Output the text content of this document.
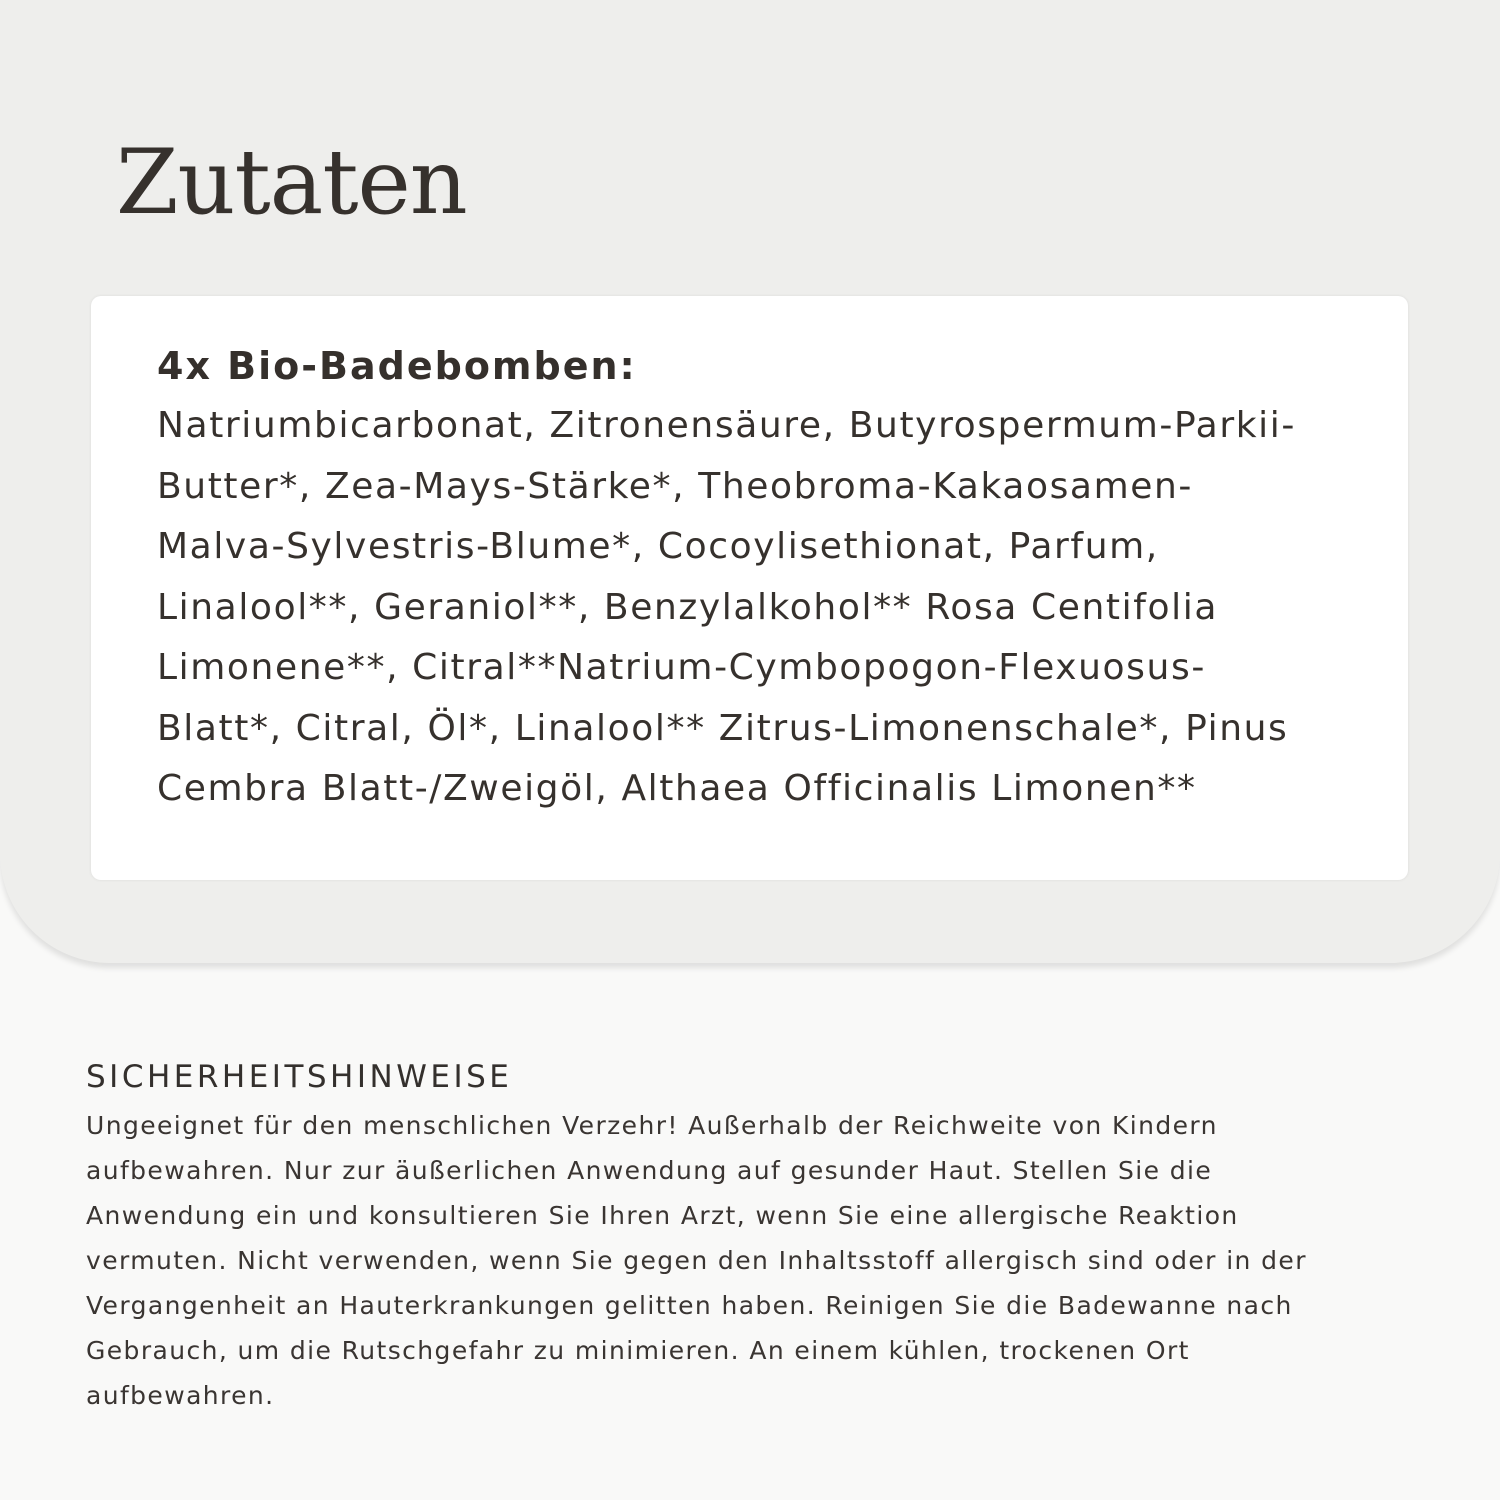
Zutaten
4x Bio-Badebomben:
Natriumbicarbonat, Zitronensäure, Butyrospermum-Parkii-
Butter*, Zea-Mays-Stärke*, Theobroma-Kakaosamen-
Malva-Sylvestris-Blume*, Cocoylisethionat, Parfum,
Linalool**, Geraniol**, Benzylalkohol** Rosa Centifolia
Limonene**, Citral**Natrium-Cymbopogon-Flexuosus-
Blatt*, Citral, Öl*, Linalool** Zitrus-Limonenschale*, Pinus
Cembra Blatt-/Zweigöl, Althaea Officinalis Limonen**
SICHERHEITSHINWEISE
Ungeeignet für den menschlichen Verzehr! Außerhalb der Reichweite von Kindern
aufbewahren. Nur zur äußerlichen Anwendung auf gesunder Haut. Stellen Sie die
Anwendung ein und konsultieren Sie Ihren Arzt, wenn Sie eine allergische Reaktion
vermuten. Nicht verwenden, wenn Sie gegen den Inhaltsstoff allergisch sind oder in der
Vergangenheit an Hauterkrankungen gelitten haben. Reinigen Sie die Badewanne nach
Gebrauch, um die Rutschgefahr zu minimieren. An einem kühlen, trockenen Ort
aufbewahren.
